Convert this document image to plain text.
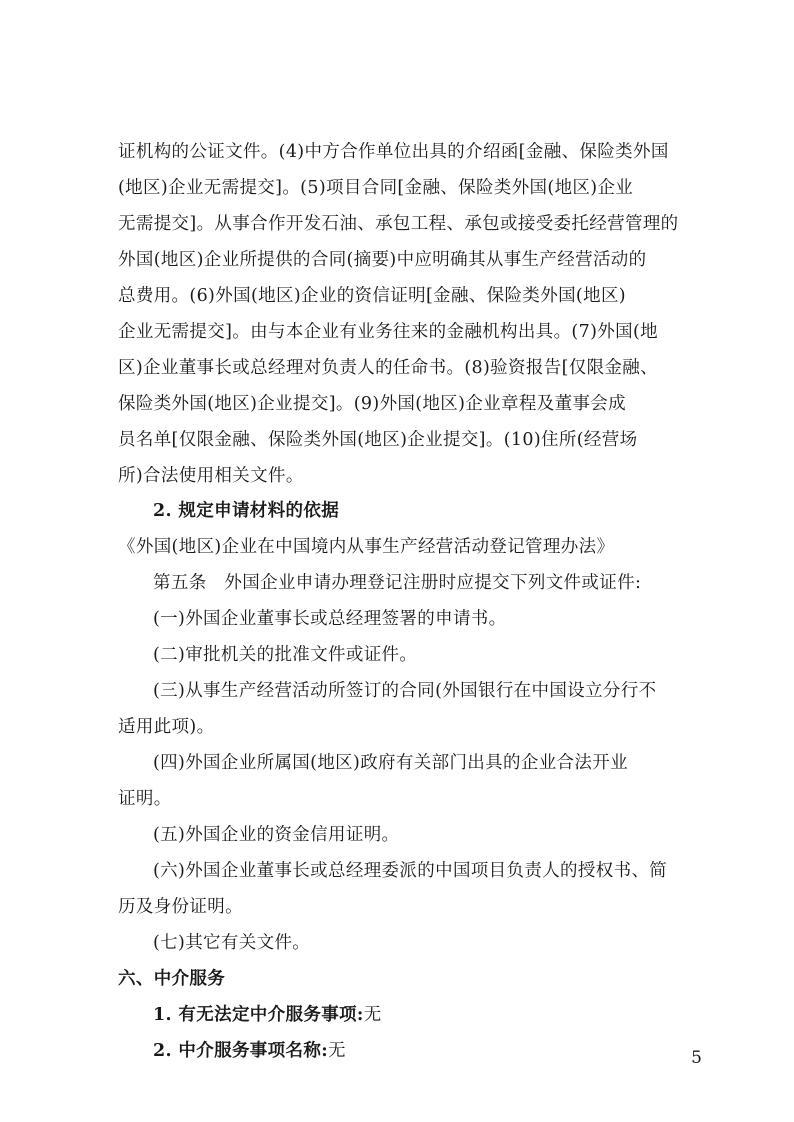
证机构的公证文件。(4)中方合作单位出具的介绍函[金融、保险类外国
(地区)企业无需提交]。(5)项目合同[金融、保险类外国(地区)企业
无需提交]。从事合作开发石油、承包工程、承包或接受委托经营管理的
外国(地区)企业所提供的合同(摘要)中应明确其从事生产经营活动的
总费用。(6)外国(地区)企业的资信证明[金融、保险类外国(地区)
企业无需提交]。由与本企业有业务往来的金融机构出具。(7)外国(地
区)企业董事长或总经理对负责人的任命书。(8)验资报告[仅限金融、
保险类外国(地区)企业提交]。(9)外国(地区)企业章程及董事会成
员名单[仅限金融、保险类外国(地区)企业提交]。(10)住所(经营场
所)合法使用相关文件。
2. 规定申请材料的依据
《外国(地区)企业在中国境内从事生产经营活动登记管理办法》
第五条　外国企业申请办理登记注册时应提交下列文件或证件:
(一)外国企业董事长或总经理签署的申请书。
(二)审批机关的批准文件或证件。
(三)从事生产经营活动所签订的合同(外国银行在中国设立分行不
适用此项)。
(四)外国企业所属国(地区)政府有关部门出具的企业合法开业
证明。
(五)外国企业的资金信用证明。
(六)外国企业董事长或总经理委派的中国项目负责人的授权书、简
历及身份证明。
(七)其它有关文件。
六、中介服务
1. 有无法定中介服务事项:无
2. 中介服务事项名称:无	5
